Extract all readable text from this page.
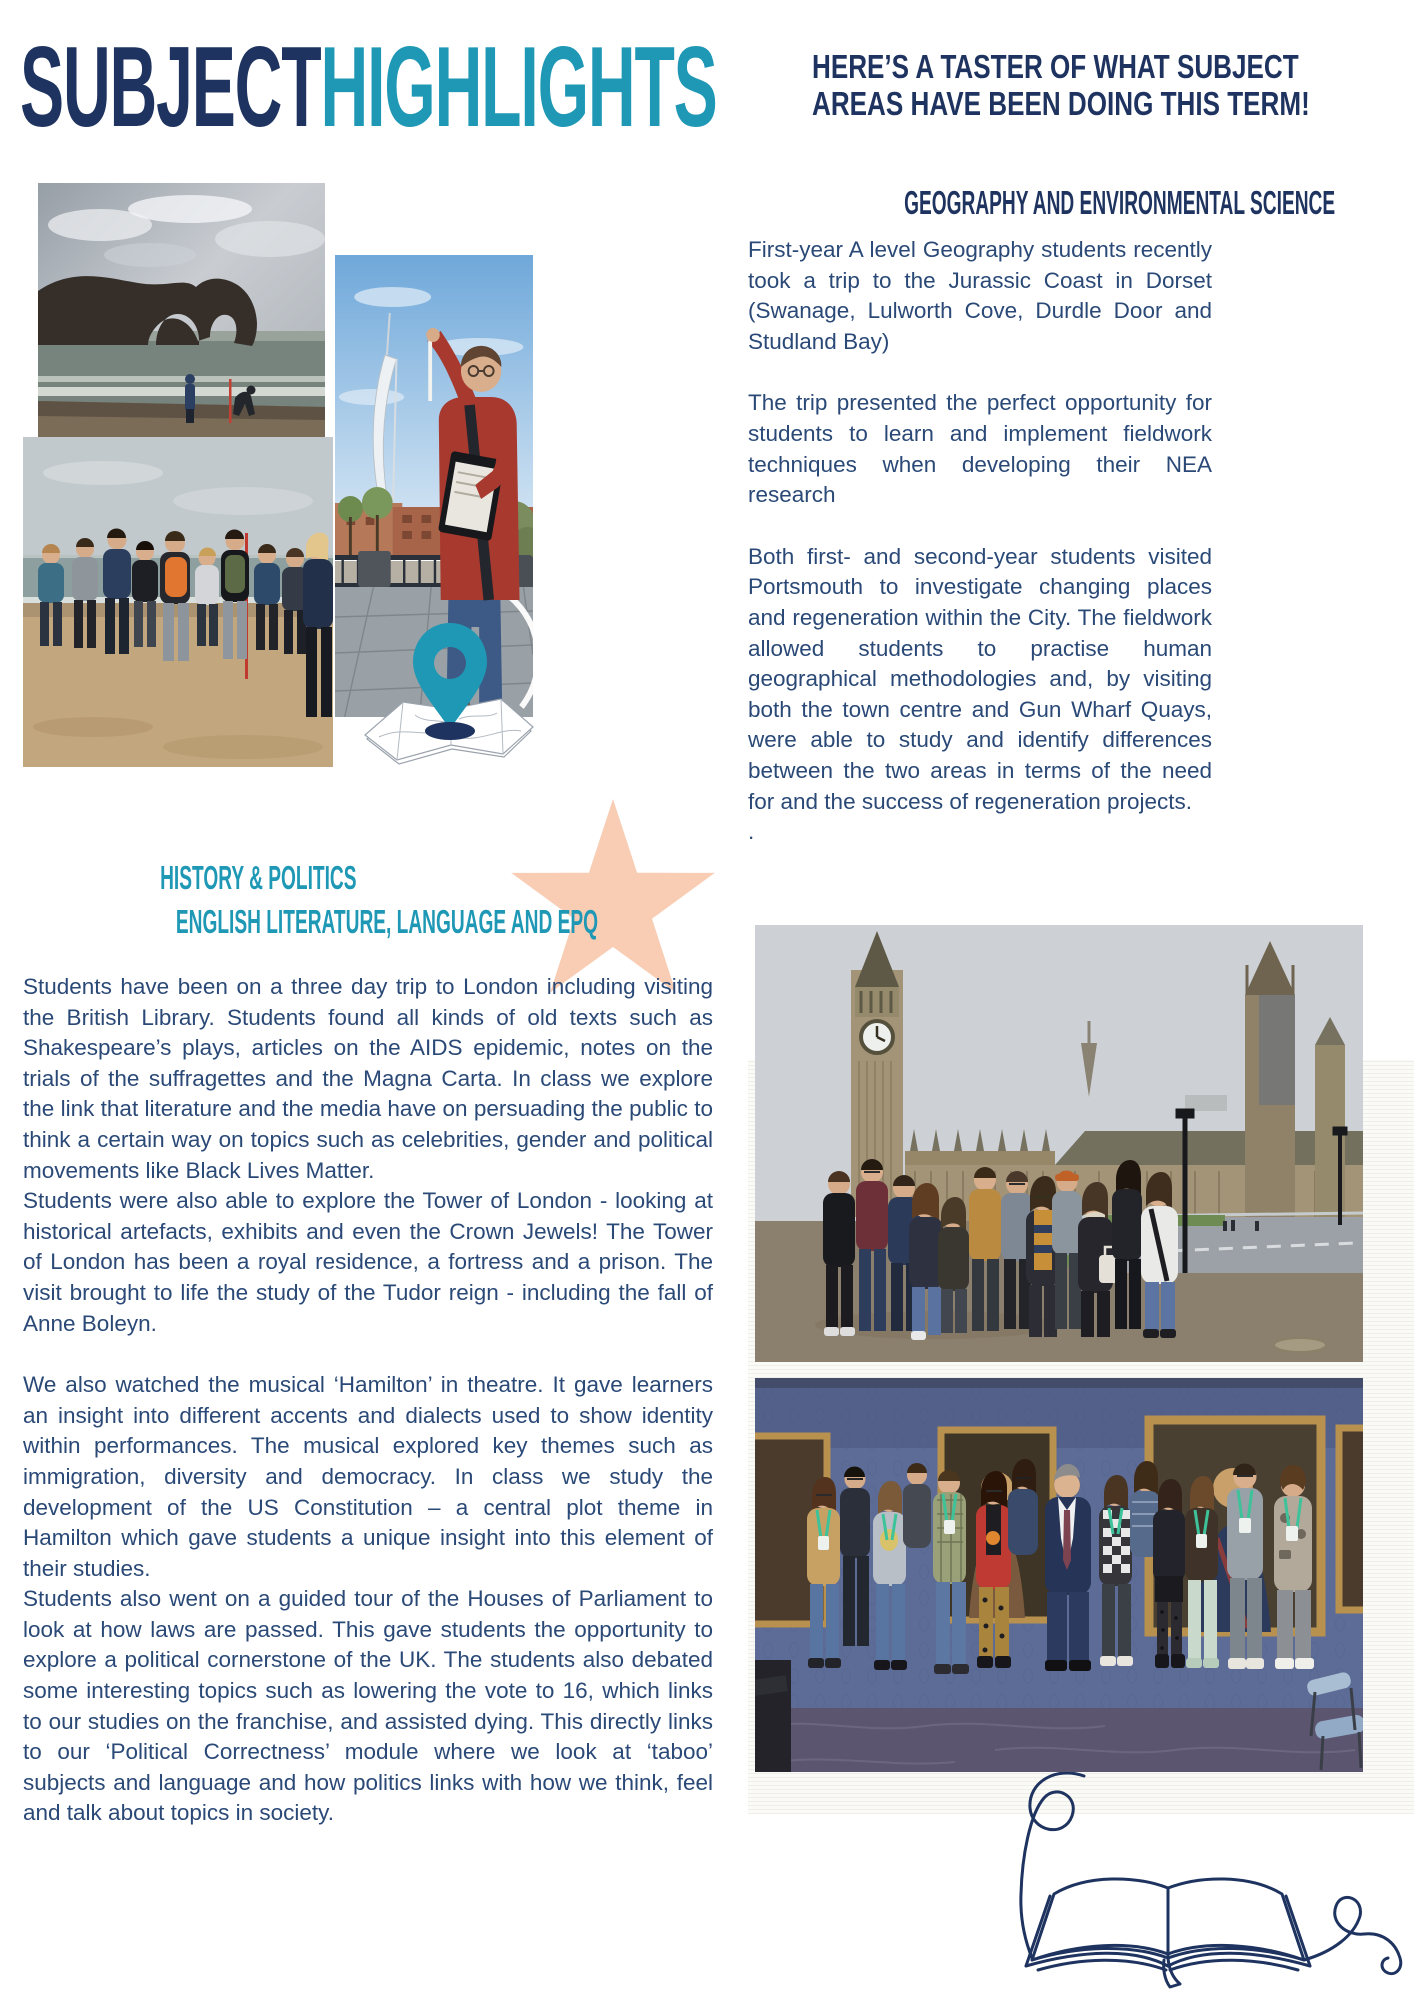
SUBJECTHIGHLIGHTS	HERE’S A TASTER OF WHAT SUBJECT
AREAS HAVE BEEN DOING THIS TERM!
HISTORY & POLITICS
ENGLISH LITERATURE, LANGUAGE AND EPQ

Students have been on a three day trip to London including visiting the British Library. Students found all kinds of old texts such as Shakespeare’s plays, articles on the AIDS epidemic, notes on the trials of the suffragettes and the Magna Carta. In class we explore the link that literature and the media have on persuading the public to think a certain way on topics such as celebrities, gender and political movements like Black Lives Matter.

Students were also able to explore the Tower of London - looking at historical artefacts, exhibits and even the Crown Jewels! The Tower of London has been a royal residence, a fortress and a prison. The visit brought to life the study of the Tudor reign - including the fall of Anne Boleyn.

We also watched the musical ‘Hamilton’ in theatre. It gave learners an insight into different accents and dialects used to show identity within performances. The musical explored key themes such as immigration, diversity and democracy. In class we study the development of the US Constitution – a central plot theme in Hamilton which gave students a unique insight into this element of their studies.

Students also went on a guided tour of the Houses of Parliament to look at how laws are passed. This gave students the opportunity to explore a political cornerstone of the UK. The students also debated some interesting topics such as lowering the vote to 16, which links to our studies on the franchise, and assisted dying. This directly links to our ‘Political Correctness’ module where we look at ‘taboo’ subjects and language and how politics links with how we think, feel and talk about topics in society.

GEOGRAPHY AND ENVIRONMENTAL SCIENCE

First-year A level Geography students recently took a trip to the Jurassic Coast in Dorset (Swanage, Lulworth Cove, Durdle Door and Studland Bay)

The trip presented the perfect opportunity for students to learn and implement fieldwork techniques when developing their NEA research

Both first- and second-year students visited Portsmouth to investigate changing places and regeneration within the City. The fieldwork allowed students to practise human geographical methodologies and, by visiting both the town centre and Gun Wharf Quays, were able to study and identify differences between the two areas in terms of the need for and the success of regeneration projects.

.
